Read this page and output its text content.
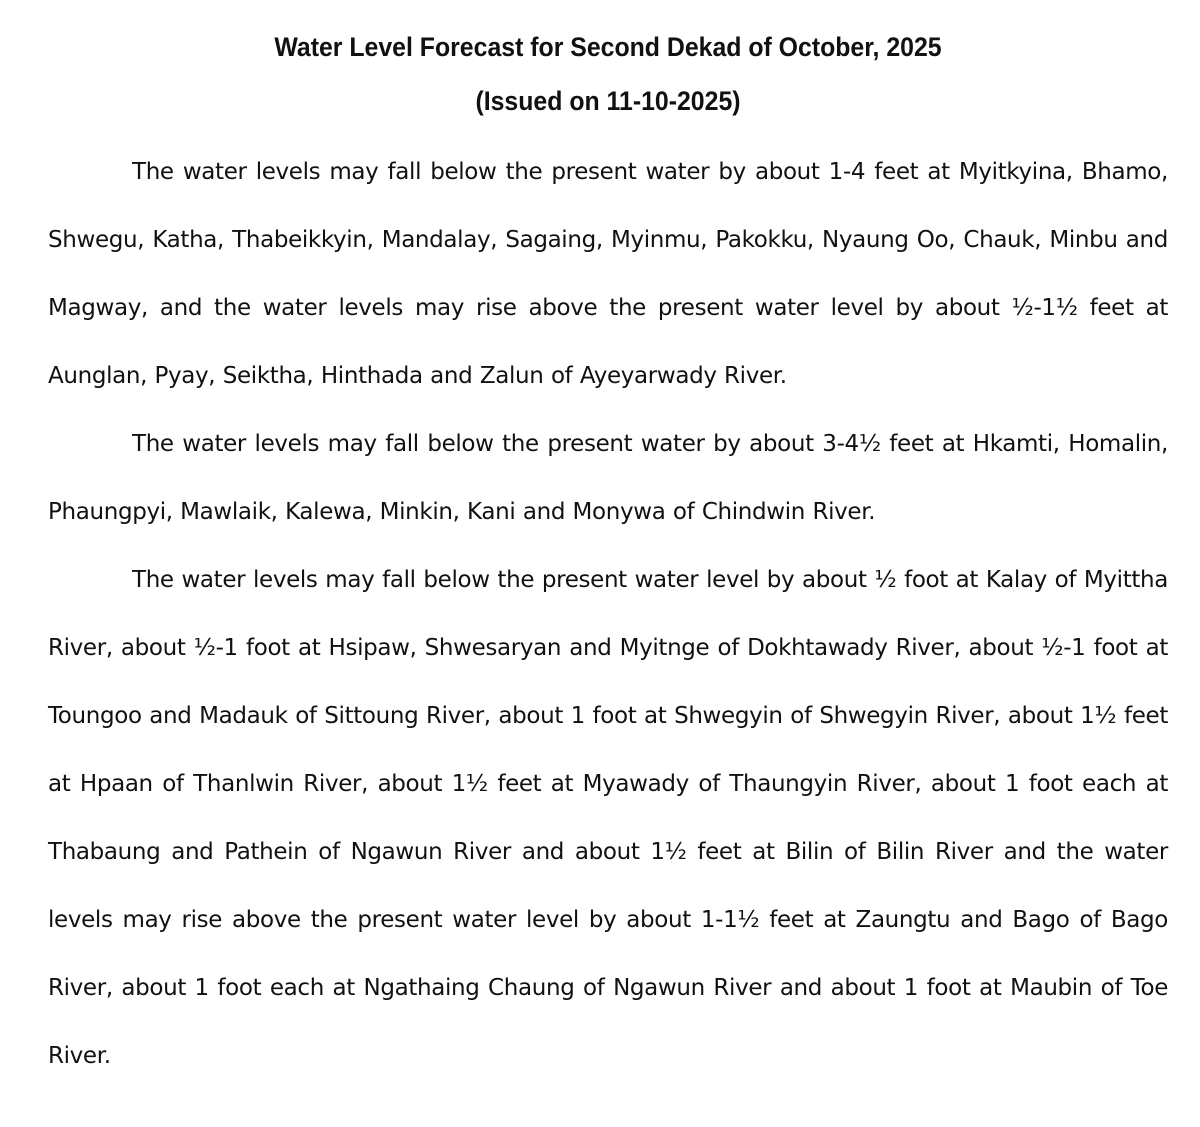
Water Level Forecast for Second Dekad of October, 2025
(Issued on 11-10-2025)

The water levels may fall below the present water by about 1-4 feet at Myitkyina, Bhamo, Shwegu, Katha, Thabeikkyin, Mandalay, Sagaing, Myinmu, Pakokku, Nyaung Oo, Chauk, Minbu and Magway, and the water levels may rise above the present water level by about ½-1½ feet at Aunglan, Pyay, Seiktha, Hinthada and Zalun of Ayeyarwady River.

The water levels may fall below the present water by about 3-4½ feet at Hkamti, Homalin, Phaungpyi, Mawlaik, Kalewa, Minkin, Kani and Monywa of Chindwin River.

The water levels may fall below the present water level by about ½ foot at Kalay of Myittha River, about ½-1 foot at Hsipaw, Shwesaryan and Myitnge of Dokhtawady River, about ½-1 foot at Toungoo and Madauk of Sittoung River, about 1 foot at Shwegyin of Shwegyin River, about 1½ feet at Hpaan of Thanlwin River, about 1½ feet at Myawady of Thaungyin River, about 1 foot each at Thabaung and Pathein of Ngawun River and about 1½ feet at Bilin of Bilin River and the water levels may rise above the present water level by about 1-1½ feet at Zaungtu and Bago of Bago River, about 1 foot each at Ngathaing Chaung of Ngawun River and about 1 foot at Maubin of Toe River.
